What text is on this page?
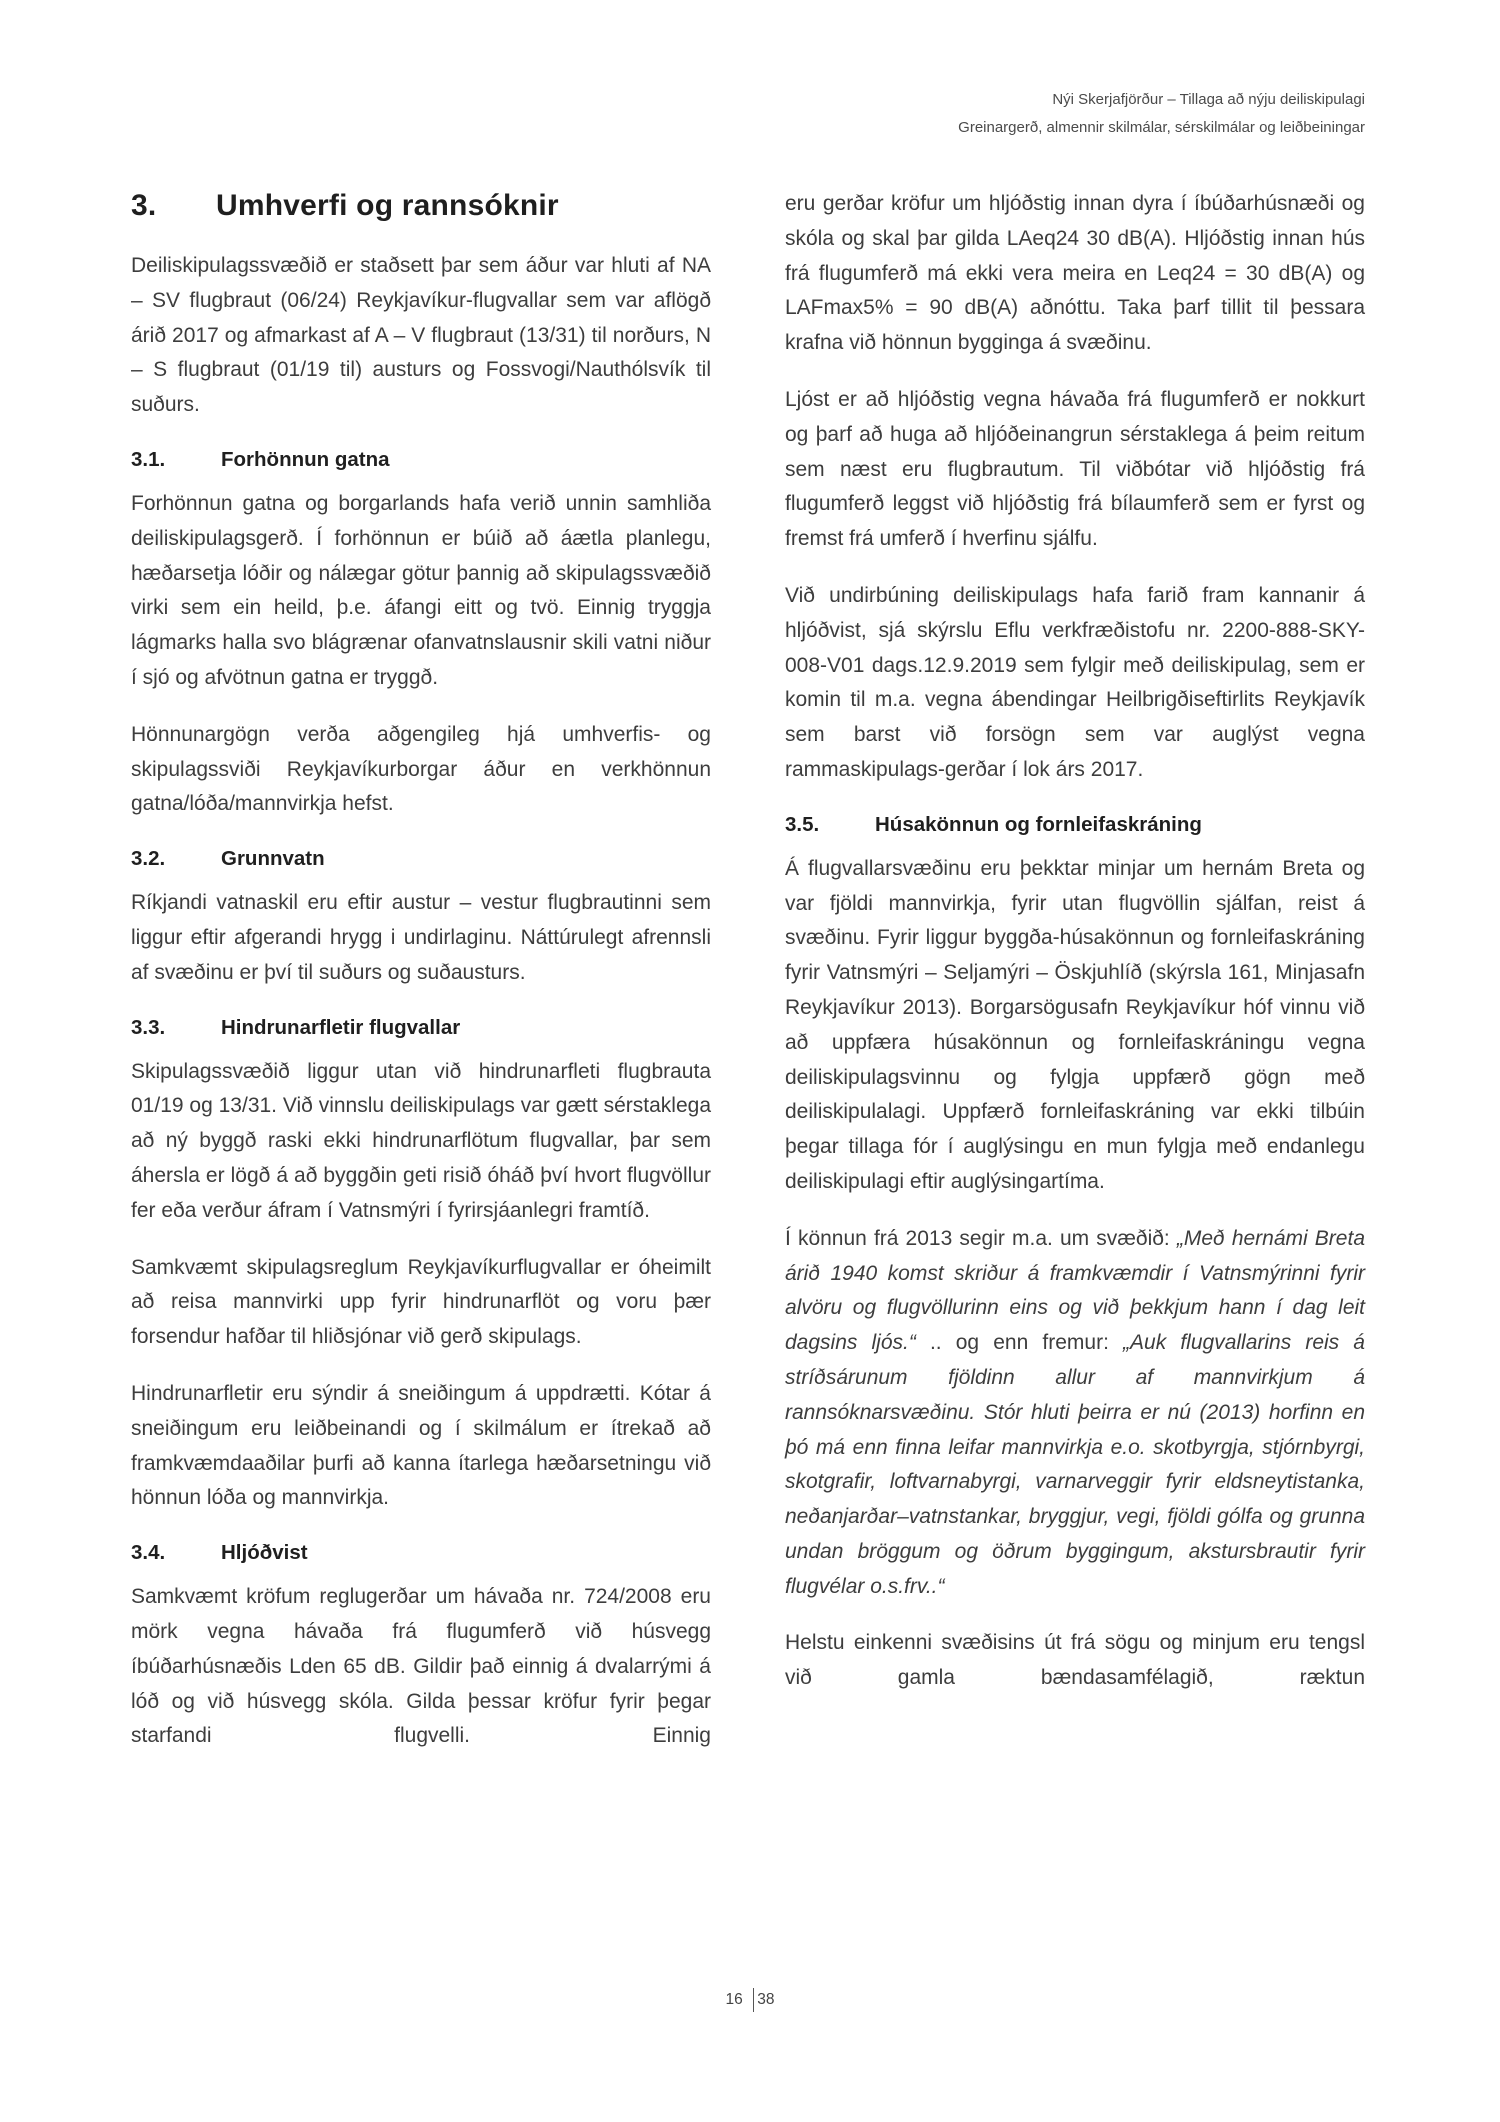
Nýi Skerjafjörður – Tillaga að nýju deiliskipulagi
Greinargerð, almennir skilmálar, sérskilmálar og leiðbeiningar
3.	Umhverfi og rannsóknir

Deiliskipulagssvæðið er staðsett þar sem áður var hluti af NA – SV flugbraut (06/24) Reykjavíkur-flugvallar sem var aflögð árið 2017 og afmarkast af A – V flugbraut (13/31) til norðurs, N – S flugbraut (01/19 til) austurs og Fossvogi/Nauthólsvík til suðurs.

3.1.	Forhönnun gatna

Forhönnun gatna og borgarlands hafa verið unnin samhliða deiliskipulagsgerð. Í forhönnun er búið að áætla planlegu, hæðarsetja lóðir og nálægar götur þannig að skipulagssvæðið virki sem ein heild, þ.e. áfangi eitt og tvö. Einnig tryggja lágmarks halla svo blágrænar ofanvatnslausnir skili vatni niður í sjó og afvötnun gatna er tryggð.

Hönnunargögn verða aðgengileg hjá umhverfis- og skipulagssviði Reykjavíkurborgar áður en verkhönnun gatna/lóða/mannvirkja hefst.

3.2.	Grunnvatn

Ríkjandi vatnaskil eru eftir austur – vestur flugbrautinni sem liggur eftir afgerandi hrygg i undirlaginu. Náttúrulegt afrennsli af svæðinu er því til suðurs og suðausturs.

3.3.	Hindrunarfletir flugvallar

Skipulagssvæðið liggur utan við hindrunarfleti flugbrauta 01/19 og 13/31. Við vinnslu deiliskipulags var gætt sérstaklega að ný byggð raski ekki hindrunarflötum flugvallar, þar sem áhersla er lögð á að byggðin geti risið óháð því hvort flugvöllur fer eða verður áfram í Vatnsmýri í fyrirsjáanlegri framtíð.

Samkvæmt skipulagsreglum Reykjavíkurflugvallar er óheimilt að reisa mannvirki upp fyrir hindrunarflöt og voru þær forsendur hafðar til hliðsjónar við gerð skipulags.

Hindrunarfletir eru sýndir á sneiðingum á uppdrætti. Kótar á sneiðingum eru leiðbeinandi og í skilmálum er ítrekað að framkvæmdaaðilar þurfi að kanna ítarlega hæðarsetningu við hönnun lóða og mannvirkja.

3.4.	Hljóðvist

Samkvæmt kröfum reglugerðar um hávaða nr. 724/2008 eru mörk vegna hávaða frá flugumferð við húsvegg íbúðarhúsnæðis Lden 65 dB. Gildir það einnig á dvalarrými á lóð og við húsvegg skóla. Gilda þessar kröfur fyrir þegar starfandi flugvelli. Einnig

eru gerðar kröfur um hljóðstig innan dyra í íbúðarhúsnæði og skóla og skal þar gilda LAeq24 30 dB(A). Hljóðstig innan hús frá flugumferð má ekki vera meira en Leq24 = 30 dB(A) og LAFmax5% = 90 dB(A) aðnóttu. Taka þarf tillit til þessara krafna við hönnun bygginga á svæðinu.

Ljóst er að hljóðstig vegna hávaða frá flugumferð er nokkurt og þarf að huga að hljóðeinangrun sérstaklega á þeim reitum sem næst eru flugbrautum. Til viðbótar við hljóðstig frá flugumferð leggst við hljóðstig frá bílaumferð sem er fyrst og fremst frá umferð í hverfinu sjálfu.

Við undirbúning deiliskipulags hafa farið fram kannanir á hljóðvist, sjá skýrslu Eflu verkfræðistofu nr. 2200-888-SKY-008-V01 dags.12.9.2019 sem fylgir með deiliskipulag, sem er komin til m.a. vegna ábendingar Heilbrigðiseftirlits Reykjavík sem barst við forsögn sem var auglýst vegna rammaskipulags-gerðar í lok árs 2017.

3.5.	Húsakönnun og fornleifaskráning

Á flugvallarsvæðinu eru þekktar minjar um hernám Breta og var fjöldi mannvirkja, fyrir utan flugvöllin sjálfan, reist á svæðinu. Fyrir liggur byggða-húsakönnun og fornleifaskráning fyrir Vatnsmýri – Seljamýri – Öskjuhlíð (skýrsla 161, Minjasafn Reykjavíkur 2013). Borgarsögusafn Reykjavíkur hóf vinnu við að uppfæra húsakönnun og fornleifaskráningu vegna deiliskipulagsvinnu og fylgja uppfærð gögn með deiliskipulalagi. Uppfærð fornleifaskráning var ekki tilbúin þegar tillaga fór í auglýsingu en mun fylgja með endanlegu deiliskipulagi eftir auglýsingartíma.

Í könnun frá 2013 segir m.a. um svæðið: „Með hernámi Breta árið 1940 komst skriður á framkvæmdir í Vatnsmýrinni fyrir alvöru og flugvöllurinn eins og við þekkjum hann í dag leit dagsins ljós.“ .. og enn fremur: „Auk flugvallarins reis á stríðsárunum fjöldinn allur af mannvirkjum á rannsóknarsvæðinu. Stór hluti þeirra er nú (2013) horfinn en þó má enn finna leifar mannvirkja e.o. skotbyrgja, stjórnbyrgi, skotgrafir, loftvarnabyrgi, varnarveggir fyrir eldsneytistanka, neðanjarðar–vatnstankar, bryggjur, vegi, fjöldi gólfa og grunna undan bröggum og öðrum byggingum, akstursbrautir fyrir flugvélar o.s.frv..“

Helstu einkenni svæðisins út frá sögu og minjum eru tengsl við gamla bændasamfélagið, ræktun

16 38
